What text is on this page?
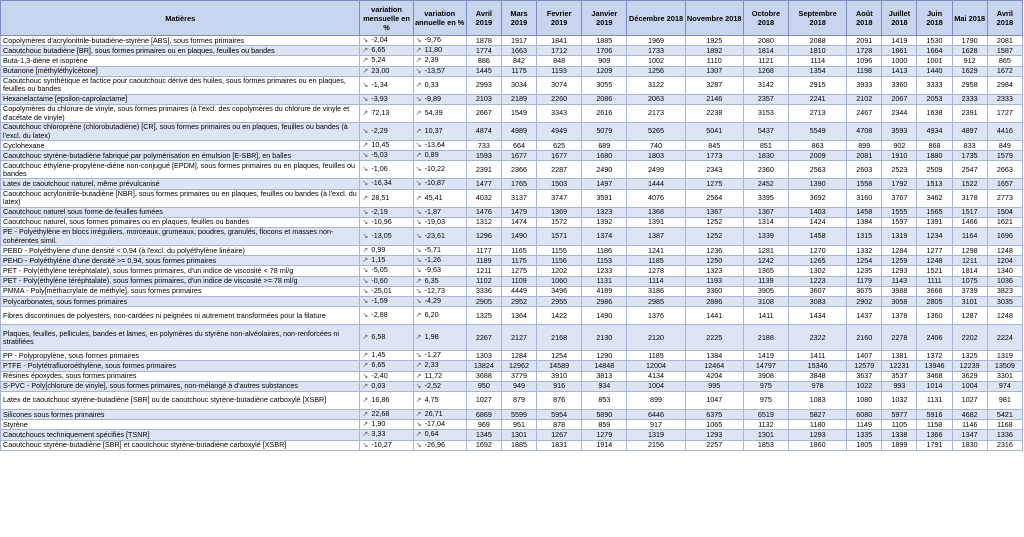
Matières	variation mensuelle en %	variation annuelle en %	Avril 2019	Mars 2019	Fevrier 2019	Janvier 2019	Décembre 2018	Novembre 2018	Octobre 2018	Septembre 2018	Août 2018	Juillet 2018	Juin 2018	Mai 2018	Avril 2018
Copolymères d'acrylonitrile-butadiène-styrène [ABS], sous formes primaires	↘ -2,04	↘ -9,76	1878	1917	1841	1885	1969	1925	2080	2088	2091	1419	1530	1790	2081
Caoutchouc butadiène [BR], sous formes primaires ou en plaques, feuilles ou bandes	↗ 6,65	↗ 11,80	1774	1663	1712	1706	1733	1892	1814	1810	1728	1861	1664	1628	1587
Buta-1,3-diène et isoprène	↗ 5,24	↗ 2,39	886	842	848	909	1002	1110	1121	1114	1096	1000	1001	912	865
Butanone [méthyléthylcétone]	↗ 23,00	↘ -13,57	1445	1175	1193	1209	1256	1307	1268	1354	1198	1413	1440	1629	1672
Caoutchouc synthétique et factice pour caoutchouc dérivé des huiles, sous formes primaires ou en plaques, feuilles ou bandes	↘ -1,34	↗ 0,33	2993	3034	3074	3055	3122	3287	3142	2915	3933	3360	3333	2958	2984
Hexanelactame [epsilon-caprolactame]	↘ -3,93	↘ -9,89	2103	2189	2260	2086	2063	2146	2357	2241	2102	2067	2053	2333	2333
Copolymères du chlorure de vinyle, sous formes primaires (à l'excl. des copolymères du chlorure de vinyle et d'acétate de vinyle)	↗ 72,13	↗ 54,39	2667	1549	3343	2616	2173	2238	3153	2713	2467	2344	1638	2391	1727
Caoutchouc chloroprène (chlorobutadiène) [CR], sous formes primaires ou en plaques, feuilles ou bandes (à l'excl. du latex)	↘ -2,29	↗ 10,37	4874	4989	4949	5079	5265	5041	5437	5549	4708	3593	4934	4897	4416
Cyclohexane	↗ 10,45	↘ -13,64	733	664	625	689	740	845	851	863	899	902	868	833	849
Caoutchouc styrène-butadiène fabriqué par polymérisation en émulsion [E-SBR], en balles	↘ -5,03	↗ 0,89	1593	1677	1677	1680	1803	1773	1830	2009	2081	1910	1880	1735	1579
Caoutchouc éthylène-propylène-diène non-conjugué [EPDM], sous formes primaires ou en plaques, feuilles ou bandes	↘ -1,06	↘ -10,22	2391	2366	2287	2490	2499	2343	2360	2563	2603	2523	2509	2547	2663
Latex de caoutchouc naturel, même prévulcanisé	↘ -16,34	↘ -10,87	1477	1765	1503	1497	1444	1275	2452	1390	1558	1792	1513	1522	1657
Caoutchouc acrylonitrile-butadiène [NBR], sous formes primaires ou en plaques, feuilles ou bandes (à l'excl. du latex)	↗ 28,51	↗ 45,41	4032	3137	3747	3591	4076	2564	3395	3692	3160	3767	3462	3178	2773
Caoutchouc naturel sous forme de feuilles fumées	↘ -2,19	↘ -1,87	1476	1479	1369	1323	1368	1367	1367	1403	1458	1555	1565	1517	1504
Caoutchouc naturel, sous formes primaires ou en plaques, feuilles ou bandes	↘ -10,96	↘ -19,03	1312	1474	1572	1392	1391	1252	1314	1424	1384	1597	1391	1466	1621
PE - Polyéthylène en blocs irréguliers, morceaux, grumeaux, poudres, granulés, flocons et masses non-cohérentes simil.	↘ -13,05	↘ -23,61	1296	1490	1571	1374	1387	1252	1339	1458	1315	1319	1234	1164	1696
PEBD - Polyéthylène d'une densité < 0,94 (à l'excl. du polyéthylène linéaire)	↗ 0,99	↘ -5,71	1177	1165	1155	1186	1241	1236	1281	1270	1332	1284	1277	1298	1248
PEHD - Polyéthylène d'une densité >= 0,94, sous formes primaires	↗ 1,15	↘ -1,26	1189	1175	1156	1153	1185	1250	1242	1265	1254	1259	1248	1211	1204
PET - Poly(éthylène téréphtalate), sous formes primaires, d'un indice de viscosité < 78 ml/g	↘ -5,05	↘ -9,63	1211	1275	1202	1233	1278	1323	1365	1302	1235	1293	1521	1814	1340
PET - Poly(éthylène téréphtalate), sous formes primaires, d'un indice de viscosité >= 78 ml/g	↘ -0,60	↗ 6,35	1102	1109	1060	1131	1114	1193	1139	1223	1179	1143	1111	1075	1036
PMMA - Poly[méthacrylate de méthyle], sous formes primaires	↘ -25,01	↘ -12,73	3336	4449	3496	4189	3186	3360	3905	3607	3675	3988	3666	3739	3823
Polycarbonates, sous formes primaires	↘ -1,59	↘ -4,29	2905	2952	2955	2986	2985	2886	3108	3083	2902	3058	2805	3101	3035
Fibres discontinues de polyesters, non-cardées ni peignées ni autrement transformées pour la filature	↘ -2,88	↗ 6,20	1325	1364	1422	1490	1376	1441	1411	1434	1437	1378	1360	1287	1248
Plaques, feuilles, pellicules, bandes et lames, en polymères du styrène non-alvéolaires, non-renforcées ni stratifiées	↗ 6,58	↗ 1,98	2267	2127	2168	2130	2120	2225	2188	2322	2160	2278	2406	2202	2224
PP - Polypropylène, sous formes primaires	↗ 1,45	↘ -1,27	1303	1284	1254	1290	1185	1384	1419	1411	1407	1381	1372	1325	1319
PTFE - Polytétrafluoroéthylène, sous formes primaires	↗ 6,65	↗ 2,33	13824	12962	14589	14848	12004	12464	14797	15346	12579	12231	13946	12239	13509
Résines époxydes, sous formes primaires	↘ -2,40	↗ 11,72	3688	3779	3910	3813	4134	4204	3908	3848	3637	3537	3468	3629	3301
S-PVC - Poly[chlorure de vinyle], sous formes primaires, non-mélangé à d'autres substances	↗ 0,03	↘ -2,52	950	949	916	934	1004	995	975	978	1022	993	1014	1004	974
Latex de caoutchouc styrène-butadiène [SBR] ou de caoutchouc styrène-butadiène carboxylé [XSBR]	↗ 16,86	↗ 4,75	1027	879	876	853	899	1047	975	1083	1080	1032	1131	1027	981
Silicones sous formes primaires	↗ 22,68	↗ 26,71	6869	5599	5954	5890	6446	6375	6519	5827	6080	5977	5916	4682	5421
Styrène	↗ 1,90	↘ -17,04	969	951	878	859	917	1065	1132	1180	1149	1105	1158	1146	1168
Caoutchoucs techniquement spécifiés [TSNR]	↗ 3,33	↗ 0,64	1345	1301	1267	1279	1319	1293	1301	1293	1335	1338	1366	1347	1336
Caoutchouc styrène-butadiène [SBR] et caoutchouc styrène-butadiène carboxylé [XSBR]	↘ -10,27	↘ -26,96	1692	1885	1831	1914	2156	2257	1853	1860	1805	1899	1791	1830	2316
